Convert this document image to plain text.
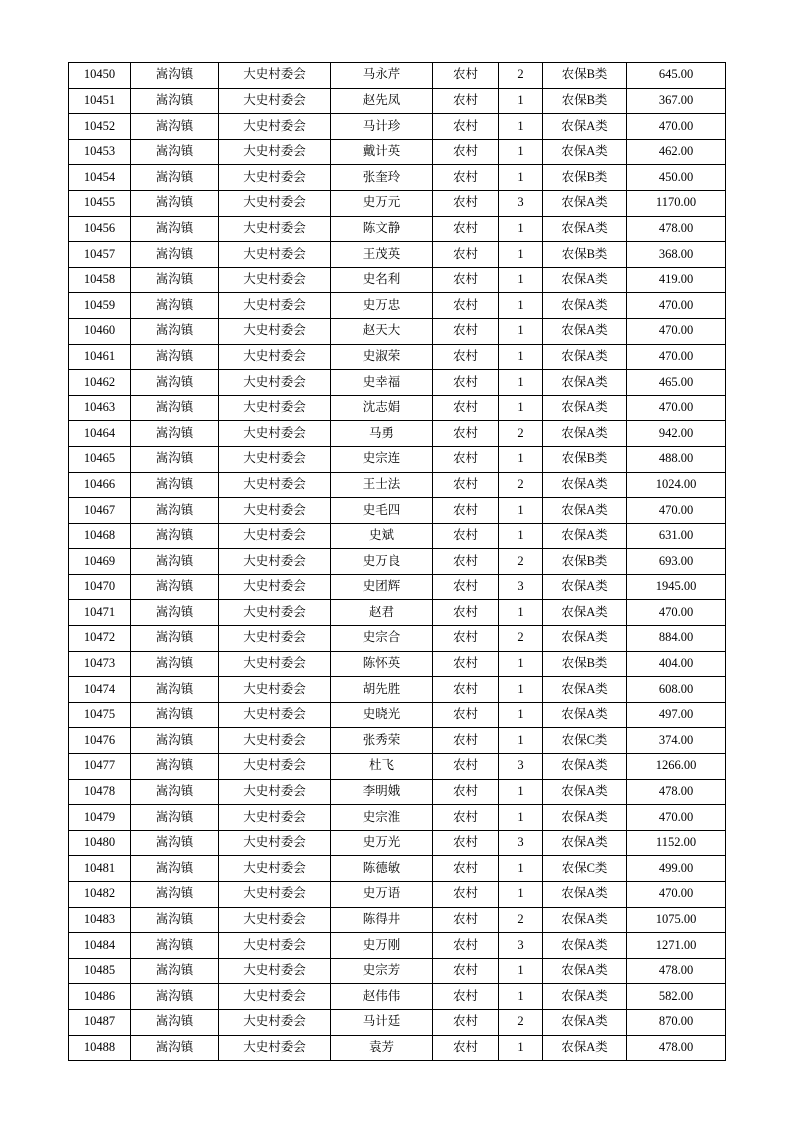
10450	嵩沟镇	大史村委会	马永芹	农村	2	农保B类	645.00
10451	嵩沟镇	大史村委会	赵先凤	农村	1	农保B类	367.00
10452	嵩沟镇	大史村委会	马计珍	农村	1	农保A类	470.00
10453	嵩沟镇	大史村委会	戴计英	农村	1	农保A类	462.00
10454	嵩沟镇	大史村委会	张奎玲	农村	1	农保B类	450.00
10455	嵩沟镇	大史村委会	史万元	农村	3	农保A类	1170.00
10456	嵩沟镇	大史村委会	陈文静	农村	1	农保A类	478.00
10457	嵩沟镇	大史村委会	王茂英	农村	1	农保B类	368.00
10458	嵩沟镇	大史村委会	史名利	农村	1	农保A类	419.00
10459	嵩沟镇	大史村委会	史万忠	农村	1	农保A类	470.00
10460	嵩沟镇	大史村委会	赵天大	农村	1	农保A类	470.00
10461	嵩沟镇	大史村委会	史淑荣	农村	1	农保A类	470.00
10462	嵩沟镇	大史村委会	史幸福	农村	1	农保A类	465.00
10463	嵩沟镇	大史村委会	沈志娟	农村	1	农保A类	470.00
10464	嵩沟镇	大史村委会	马勇	农村	2	农保A类	942.00
10465	嵩沟镇	大史村委会	史宗连	农村	1	农保B类	488.00
10466	嵩沟镇	大史村委会	王士法	农村	2	农保A类	1024.00
10467	嵩沟镇	大史村委会	史毛四	农村	1	农保A类	470.00
10468	嵩沟镇	大史村委会	史斌	农村	1	农保A类	631.00
10469	嵩沟镇	大史村委会	史万良	农村	2	农保B类	693.00
10470	嵩沟镇	大史村委会	史团辉	农村	3	农保A类	1945.00
10471	嵩沟镇	大史村委会	赵君	农村	1	农保A类	470.00
10472	嵩沟镇	大史村委会	史宗合	农村	2	农保A类	884.00
10473	嵩沟镇	大史村委会	陈怀英	农村	1	农保B类	404.00
10474	嵩沟镇	大史村委会	胡先胜	农村	1	农保A类	608.00
10475	嵩沟镇	大史村委会	史晓光	农村	1	农保A类	497.00
10476	嵩沟镇	大史村委会	张秀荣	农村	1	农保C类	374.00
10477	嵩沟镇	大史村委会	杜飞	农村	3	农保A类	1266.00
10478	嵩沟镇	大史村委会	李明娥	农村	1	农保A类	478.00
10479	嵩沟镇	大史村委会	史宗淮	农村	1	农保A类	470.00
10480	嵩沟镇	大史村委会	史万光	农村	3	农保A类	1152.00
10481	嵩沟镇	大史村委会	陈德敏	农村	1	农保C类	499.00
10482	嵩沟镇	大史村委会	史万语	农村	1	农保A类	470.00
10483	嵩沟镇	大史村委会	陈得井	农村	2	农保A类	1075.00
10484	嵩沟镇	大史村委会	史万刚	农村	3	农保A类	1271.00
10485	嵩沟镇	大史村委会	史宗芳	农村	1	农保A类	478.00
10486	嵩沟镇	大史村委会	赵伟伟	农村	1	农保A类	582.00
10487	嵩沟镇	大史村委会	马计廷	农村	2	农保A类	870.00
10488	嵩沟镇	大史村委会	袁芳	农村	1	农保A类	478.00
